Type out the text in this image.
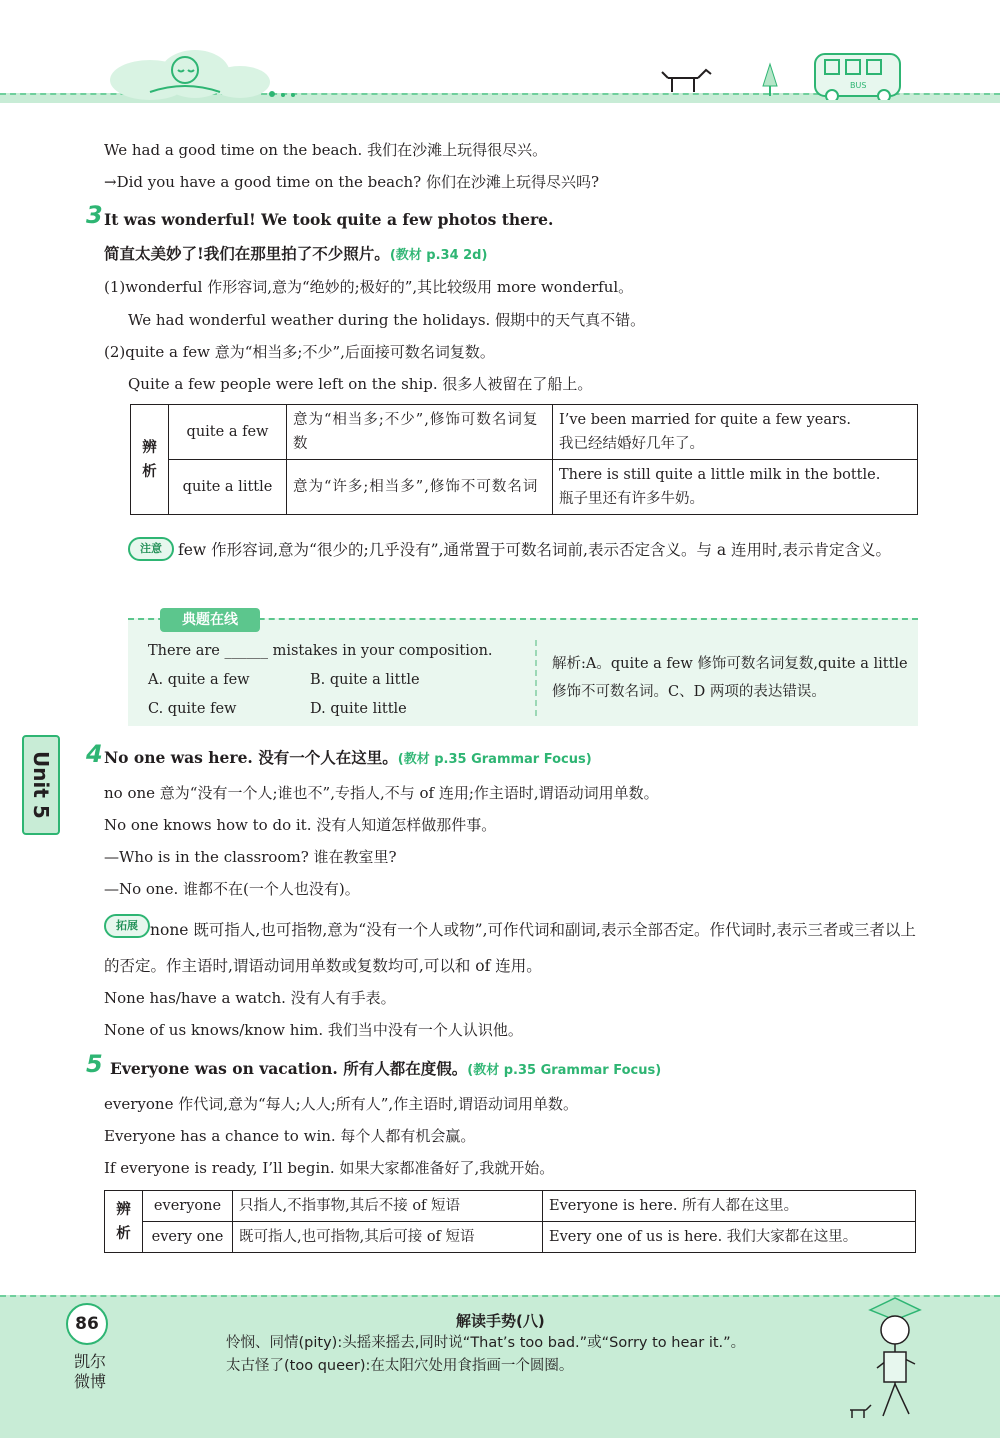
BUS
We had a good time on the beach. 我们在沙滩上玩得很尽兴。
→Did you have a good time on the beach? 你们在沙滩上玩得尽兴吗?
3 It was wonderful! We took quite a few photos there.
简直太美妙了!我们在那里拍了不少照片。(教材 p.34 2d)
(1)wonderful 作形容词,意为“绝妙的;极好的”,其比较级用 more wonderful。
We had wonderful weather during the holidays. 假期中的天气真不错。
(2)quite a few 意为“相当多;不少”,后面接可数名词复数。
Quite a few people were left on the ship. 很多人被留在了船上。
辨析	quite a few	意为“相当多;不少”,修饰可数名词复数	I’ve been married for quite a few years.
我已经结婚好几年了。

	quite a little	意为“许多;相当多”,修饰不可数名词	There is still quite a little milk in the bottle.
瓶子里还有许多牛奶。
注意	few 作形容词,意为“很少的;几乎没有”,通常置于可数名词前,表示否定含义。与 a 连用时,表示肯定含义。
典题在线
There are ______ mistakes in your composition.
A. quite a few	B. quite a little
C. quite few	D. quite little
解析:A。quite a few 修饰可数名词复数,quite a little 修饰不可数名词。C、D 两项的表达错误。
Unit 5
4 No one was here. 没有一个人在这里。(教材 p.35 Grammar Focus)
no one 意为“没有一个人;谁也不”,专指人,不与 of 连用;作主语时,谓语动词用单数。
No one knows how to do it. 没有人知道怎样做那件事。
—Who is in the classroom? 谁在教室里?
—No one. 谁都不在(一个人也没有)。
拓展 none 既可指人,也可指物,意为“没有一个人或物”,可作代词和副词,表示全部否定。作代词时,表示三者或三者以上的否定。作主语时,谓语动词用单数或复数均可,可以和 of 连用。
None has/have a watch. 没有人有手表。
None of us knows/know him. 我们当中没有一个人认识他。
5 Everyone was on vacation. 所有人都在度假。(教材 p.35 Grammar Focus)
everyone 作代词,意为“每人;人人;所有人”,作主语时,谓语动词用单数。
Everyone has a chance to win. 每个人都有机会赢。
If everyone is ready, I’ll begin. 如果大家都准备好了,我就开始。
辨析	everyone	只指人,不指事物,其后不接 of 短语	Everyone is here. 所有人都在这里。
	every one	既可指人,也可指物,其后可接 of 短语	Every one of us is here. 我们大家都在这里。
86
凯尔
微博
解读手势(八)
怜悯、同情(pity):头摇来摇去,同时说“That’s too bad.”或“Sorry to hear it.”。
太古怪了(too queer):在太阳穴处用食指画一个圆圈。
